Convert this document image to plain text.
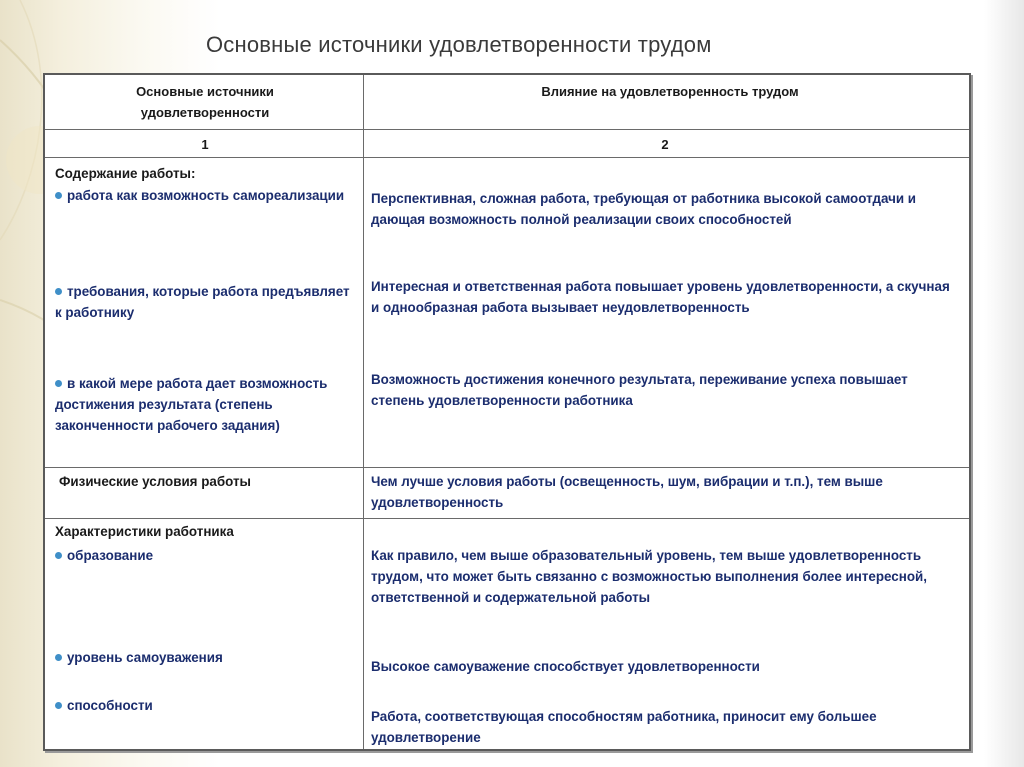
Основные источники удовлетворенности трудом
Основные источники удовлетворенности
Влияние на удовлетворенность трудом
1	2
Содержание работы:
работа как возможность самореализации
требования, которые работа предъявляет к работнику
в какой мере работа дает возможность достижения результата (степень законченности рабочего задания)
Перспективная, сложная работа, требующая от работника высокой самоотдачи и дающая возможность полной реализации своих способностей
Интересная и ответственная работа повышает уровень удовлетворенности, а скучная и однообразная работа вызывает неудовлетворенность
Возможность достижения конечного результата, переживание успеха повышает степень удовлетворенности работника
Физические условия работы	Чем лучше условия работы (освещенность, шум, вибрации и т.п.), тем выше удовлетворенность
Характеристики работника
образование
уровень самоуважения
способности
Как правило, чем выше образовательный уровень, тем выше удовлетворенность трудом, что может быть связанно с возможностью выполнения более интересной, ответственной и содержательной работы
Высокое самоуважение способствует удовлетворенности
Работа, соответствующая способностям работника, приносит ему большее удовлетворение
